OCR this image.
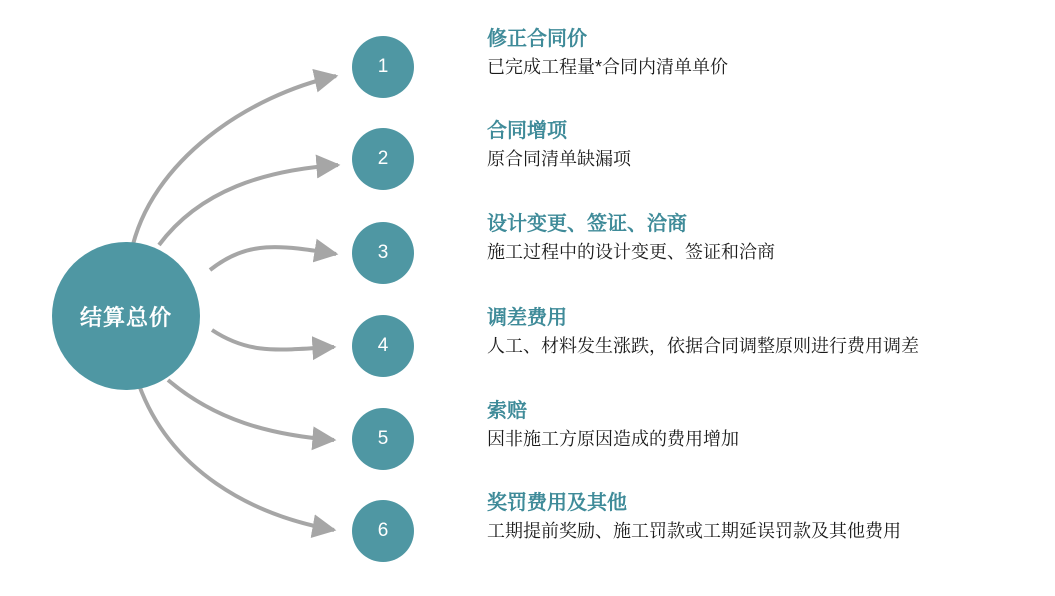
结算总价
1
2
3
4
5
6

修正合同价

已完成工程量*合同内清单单价

合同增项

原合同清单缺漏项

设计变更、签证、洽商

施工过程中的设计变更、签证和洽商

调差费用

人工、材料发生涨跌，依据合同调整原则进行费用调差

索赔

因非施工方原因造成的费用增加

奖罚费用及其他

工期提前奖励、施工罚款或工期延误罚款及其他费用
